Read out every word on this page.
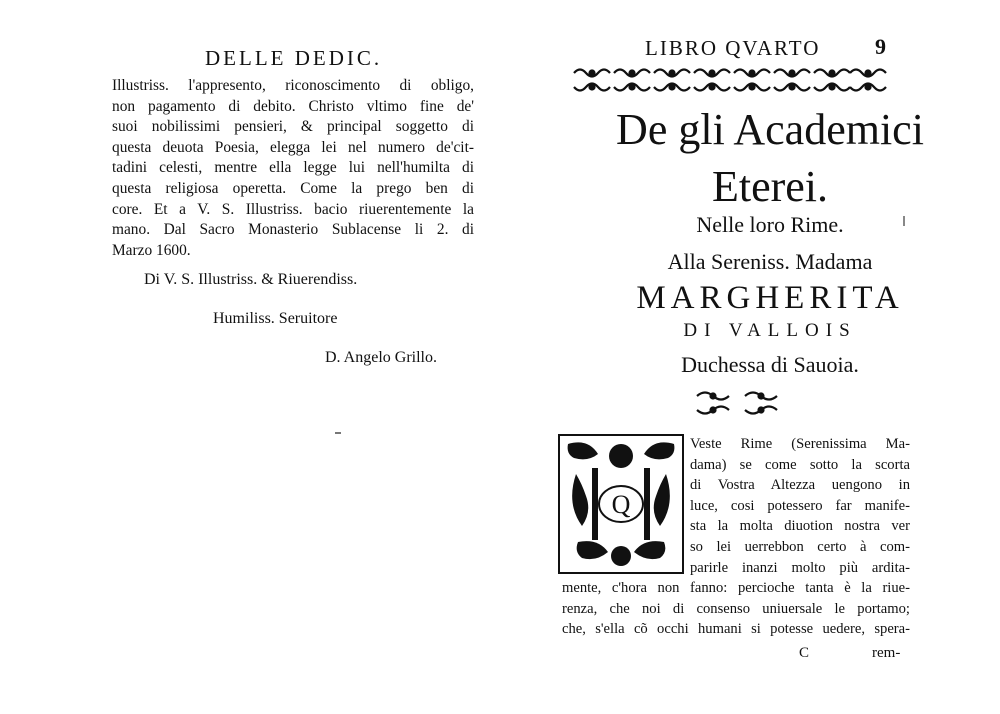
DELLE DEDIC.
Illustriss. l'appresento, riconoscimento di obligo,
non pagamento di debito. Christo vltimo fine de'
suoi nobilissimi pensieri, & principal soggetto di
questa deuota Poesia, elegga lei nel numero de'cit-
tadini celesti, mentre ella legge lui nell'humilta di
questa religiosa operetta. Come la prego ben di
core. Et a V. S. Illustriss. bacio riuerentemente la
mano. Dal Sacro Monasterio Sublacense li 2. di
Marzo 1600.
Di V. S. Illustriss. & Riuerendiss.
Humiliss. Seruitore
D. Angelo Grillo.
LIBRO QVARTO 9
De gli Academici
Eterei.
Nelle loro Rime.
Alla Sereniss. Madama
MARGHERITA
DI VALLOIS
Duchessa di Sauoia.
Q
Veste Rime (Serenissima Ma-
dama) se come sotto la scorta
di Vostra Altezza uengono in
luce, cosi potessero far manife-
sta la molta diuotion nostra ver
so lei uerrebbon certo à com-
parirle inanzi molto più ardita-
mente, c'hora non fanno: percioche tanta è la riue-
renza, che noi di consenso uniuersale le portamo;
che, s'ella cõ occhi humani si potesse uedere, spera-
C	rem-
